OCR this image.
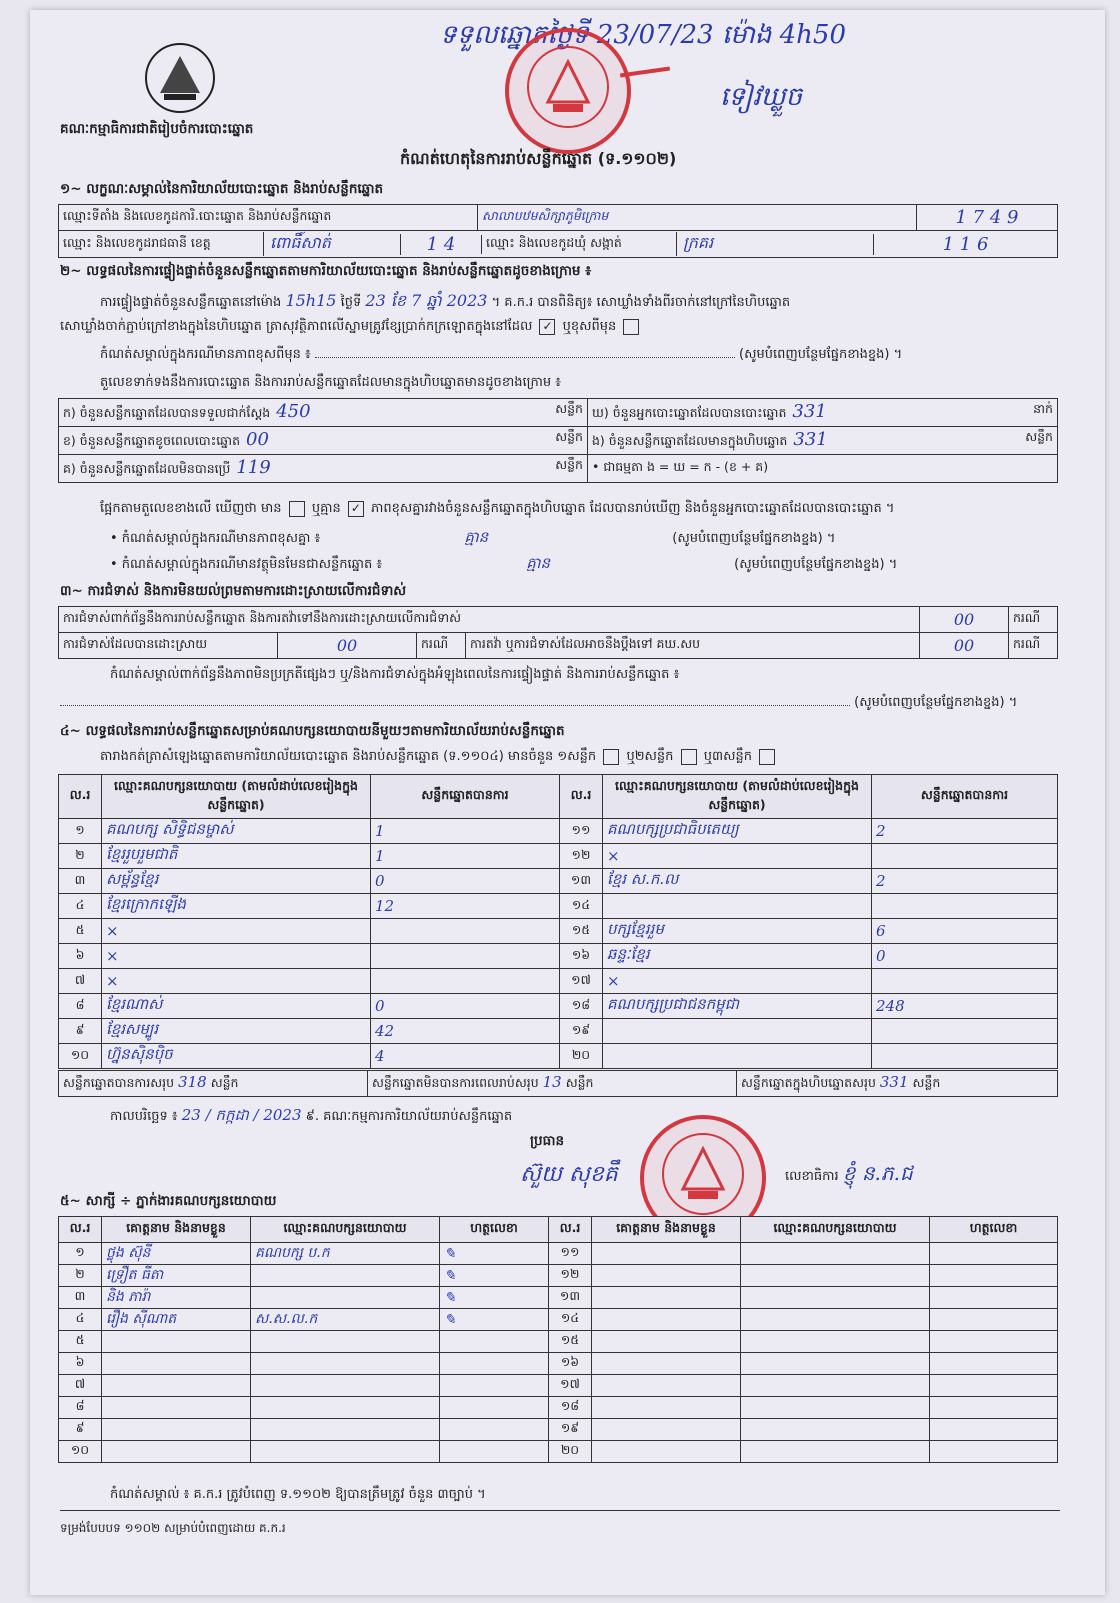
ទទួលឆ្នោតថ្ងៃទី 23/07/23 ម៉ោង 4h50
ទៀវឃ្លួច
គណៈកម្មាធិការជាតិរៀបចំការបោះឆ្នោត
កំណត់ហេតុនៃការរាប់សន្លឹកឆ្នោត (ទ.១១០២)
១~ លក្ខណៈសម្គាល់នៃការិយាល័យបោះឆ្នោត និងរាប់សន្លឹកឆ្នោត
ឈ្មោះទីតាំង និងលេខកូដការិ.បោះឆ្នោត និងរាប់សន្លឹកឆ្នោត	សាលាបឋមសិក្សាភូមិក្រោម	1 7 4 9

ឈ្មោះ និងលេខកូដរាជធានី ខេត្ត	ពោធិ៍សាត់	1 4	ឈ្មោះ និងលេខកូដឃុំ សង្កាត់	ក្រគរ	1 1 6
២~ លទ្ធផលនៃការផ្ទៀងផ្ទាត់ចំនួនសន្លឹកឆ្នោតតាមការិយាល័យបោះឆ្នោត និងរាប់សន្លឹកឆ្នោតដូចខាងក្រោម ៖
ការផ្ទៀងផ្ទាត់ចំនួនសន្លឹកឆ្នោតនៅម៉ោង 15h15 ថ្ងៃទី 23 ខែ 7 ឆ្នាំ 2023 ។ គ.ក.រ បានពិនិត្យ៖ សោឃ្លាំងទាំងពីរចាក់នៅក្រៅនៃហិបឆ្នោត
សោឃ្លាំងចាក់ភ្ជាប់ក្រៅខាងក្នុងនៃហិបឆ្នោត ត្រាសុវត្ថិភាពលើស្នាមត្រូវខ្សែប្រាក់កក្រឡោតក្នុងនៅដែល ✓ ឬខុសពីមុន
កំណត់សម្គាល់ក្នុងករណីមានភាពខុសពីមុន ៖	(សូមបំពេញបន្ថែមផ្នែកខាងខ្នង) ។
តួលេខទាក់ទងនឹងការបោះឆ្នោត និងការរាប់សន្លឹកឆ្នោតដែលមានក្នុងហិបឆ្នោតមានដូចខាងក្រោម ៖
ក) ចំនួនសន្លឹកឆ្នោតដែលបានទទួលជាក់ស្តែង 450 សន្លឹក	ឃ) ចំនួនអ្នកបោះឆ្នោតដែលបានបោះឆ្នោត 331 នាក់

ខ) ចំនួនសន្លឹកឆ្នោតខូចពេលបោះឆ្នោត 00 សន្លឹក	ង) ចំនួនសន្លឹកឆ្នោតដែលមានក្នុងហិបឆ្នោត 331 សន្លឹក

គ) ចំនួនសន្លឹកឆ្នោតដែលមិនបានប្រើ 119 សន្លឹក	• ជាធម្មតា ង = ឃ = ក - (ខ + គ)
ផ្អែកតាមតួលេខខាងលើ ឃើញថា មាន ឬគ្មាន ✓ ភាពខុសគ្នារវាងចំនួនសន្លឹកឆ្នោតក្នុងហិបឆ្នោត ដែលបានរាប់ឃើញ និងចំនួនអ្នកបោះឆ្នោតដែលបានបោះឆ្នោត ។
• កំណត់សម្គាល់ក្នុងករណីមានភាពខុសគ្នា ៖	គ្មាន	(សូមបំពេញបន្ថែមផ្នែកខាងខ្នង) ។
• កំណត់សម្គាល់ក្នុងករណីមានវត្ថុមិនមែនជាសន្លឹកឆ្នោត ៖	គ្មាន	(សូមបំពេញបន្ថែមផ្នែកខាងខ្នង) ។
៣~ ការជំទាស់ និងការមិនយល់ព្រមតាមការដោះស្រាយលើការជំទាស់
ការជំទាស់ពាក់ព័ន្ធនឹងការរាប់សន្លឹកឆ្នោត និងការតវ៉ាទៅនឹងការដោះស្រាយលើការជំទាស់				00	ករណី
ការជំទាស់ដែលបានដោះស្រាយ	00	ករណី	ការតវ៉ា ឬការជំទាស់ដែលអាចនឹងប្តឹងទៅ គឃ.សប	00	ករណី
កំណត់សម្គាល់ពាក់ព័ន្ធនឹងភាពមិនប្រក្រតីផ្សេងៗ ឬ/និងការជំទាស់ក្នុងអំឡុងពេលនៃការផ្ទៀងផ្ទាត់ និងការរាប់សន្លឹកឆ្នោត ៖
(សូមបំពេញបន្ថែមផ្នែកខាងខ្នង) ។
៤~ លទ្ធផលនៃការរាប់សន្លឹកឆ្នោតសម្រាប់គណបក្សនយោបាយនីមួយៗតាមការិយាល័យរាប់សន្លឹកឆ្នោត
តារាងកត់ត្រាសំឡេងឆ្នោតតាមការិយាល័យបោះឆ្នោត និងរាប់សន្លឹកឆ្នោត (ទ.១១០៤) មានចំនួន ១សន្លឹក ឬ២សន្លឹក ឬ៣សន្លឹក
ល.រ	ឈ្មោះគណបក្សនយោបាយ (តាមលំដាប់លេខរៀងក្នុងសន្លឹកឆ្នោត)	សន្លឹកឆ្នោតបានការ	ល.រ	ឈ្មោះគណបក្សនយោបាយ (តាមលំដាប់លេខរៀងក្នុងសន្លឹកឆ្នោត)	សន្លឹកឆ្នោតបានការ
១	គណបក្ស សិទ្ធិជនម្ចាស់	1	១១	គណបក្សប្រជាធិបតេយ្យ	2
២	ខ្មែររួបរួមជាតិ	1	១២	×	
៣	សម្ព័ន្ធខ្មែរ	0	១៣	ខ្មែរ ស.ក.ល	2
៤	ខ្មែរក្រោកឡើង	12	១៤		
៥	×		១៥	បក្សខ្មែររួម	6
៦	×		១៦	ឆន្ទៈខ្មែរ	0
៧	×		១៧	×	
៨	ខ្មែរណាស់	0	១៨	គណបក្សប្រជាជនកម្ពុជា	248
៩	ខ្មែរសម្បូរ	42	១៩		
១០	ហ្វ៊ុនស៊ិនប៉ិច	4	២០		
សន្លឹកឆ្នោតបានការសរុប 318 សន្លឹក	សន្លឹកឆ្នោតមិនបានការពេលរាប់សរុប 13 សន្លឹក	សន្លឹកឆ្នោតក្នុងហិបឆ្នោតសរុប 331 សន្លឹក
កាលបរិច្ឆេទ ៖ 23 / កក្កដា / 2023 ៩. គណៈកម្មការការិយាល័យរាប់សន្លឹកឆ្នោត
ប្រធាន
ស៊ួយ សុខគឹ	លេខាធិការ ខ្ញុំ ន.ភ.ជ
៥~ សាក្សី ÷ ភ្នាក់ងារគណបក្សនយោបាយ
ល.រ	គោត្តនាម និងនាមខ្លួន	ឈ្មោះគណបក្សនយោបាយ	ហត្ថលេខា	ល.រ	គោត្តនាម និងនាមខ្លួន	ឈ្មោះគណបក្សនយោបាយ	ហត្ថលេខា
១	ថ្លុង ស៊ុនី	គណបក្ស ប.ក	✎	១១			
២	ទ្រឿត ធីតា		✎	១២			
៣	និង ភារ៉ា		✎	១៣			
៤	រឿង ស៊ីណាត	ស.ស.ល.ក	✎	១៤			
៥				១៥			
៦				១៦			
៧				១៧			
៨				១៨			
៩				១៩			
១០				២០			
កំណត់សម្គាល់ ៖ គ.ក.រ ត្រូវបំពេញ ទ.១១០២ ឱ្យបានត្រឹមត្រូវ ចំនួន ៣ច្បាប់ ។
ទម្រង់បែបបទ ១១០២ សម្រាប់បំពេញដោយ គ.ក.រ
